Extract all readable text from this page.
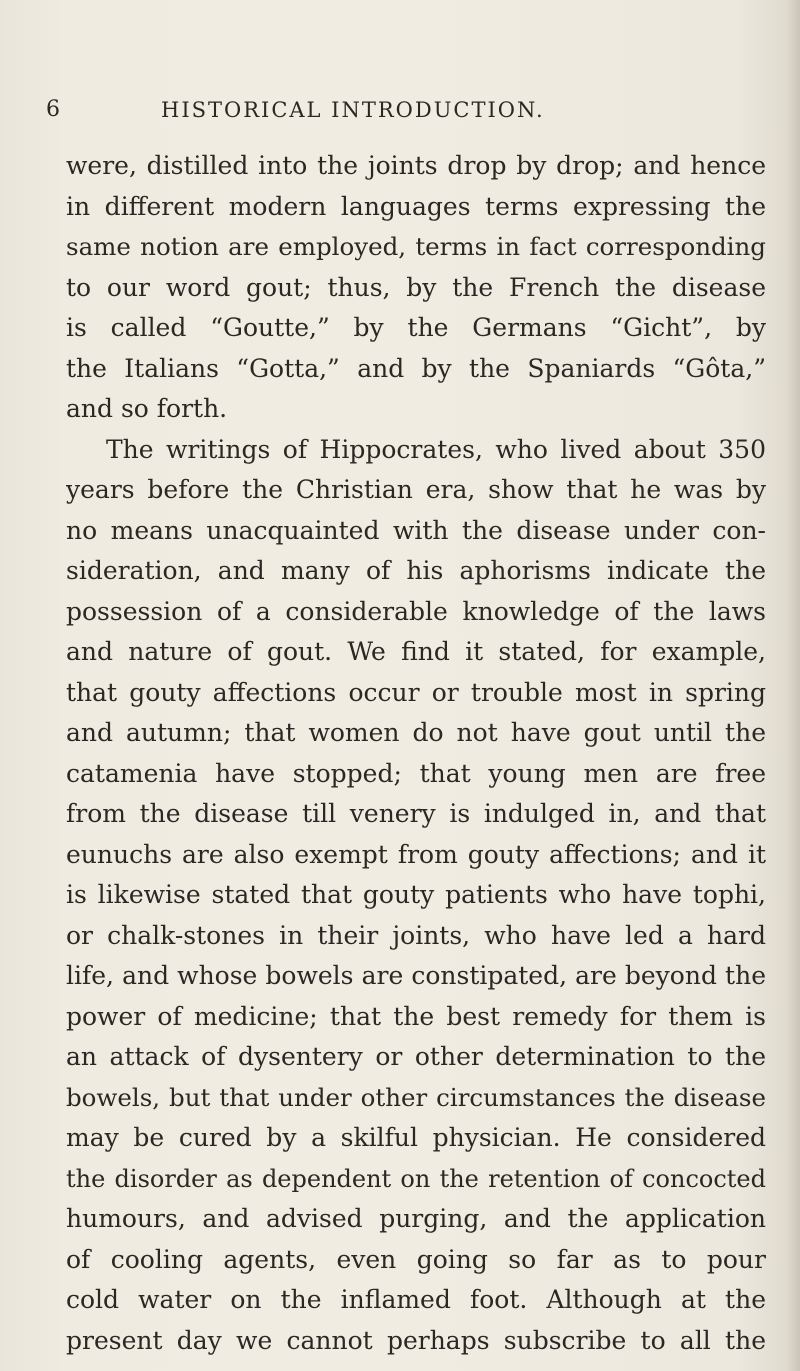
6	HISTORICAL INTRODUCTION.
were, distilled into the joints drop by drop; and hence
in different modern languages terms expressing the
same notion are employed, terms in fact corresponding
to our word gout; thus, by the French the disease
is called “Goutte,” by the Germans “Gicht”, by
the Italians “Gotta,” and by the Spaniards “Gôta,”
and so forth.
The writings of Hippocrates, who lived about 350
years before the Christian era, show that he was by
no means unacquainted with the disease under con-
sideration, and many of his aphorisms indicate the
possession of a considerable knowledge of the laws
and nature of gout. We find it stated, for example,
that gouty affections occur or trouble most in spring
and autumn; that women do not have gout until the
catamenia have stopped; that young men are free
from the disease till venery is indulged in, and that
eunuchs are also exempt from gouty affections; and it
is likewise stated that gouty patients who have tophi,
or chalk-stones in their joints, who have led a hard
life, and whose bowels are constipated, are beyond the
power of medicine; that the best remedy for them is
an attack of dysentery or other determination to the
bowels, but that under other circumstances the disease
may be cured by a skilful physician. He considered
the disorder as dependent on the retention of concocted
humours, and advised purging, and the application
of cooling agents, even going so far as to pour
cold water on the inflamed foot. Although at the
present day we cannot perhaps subscribe to all the
